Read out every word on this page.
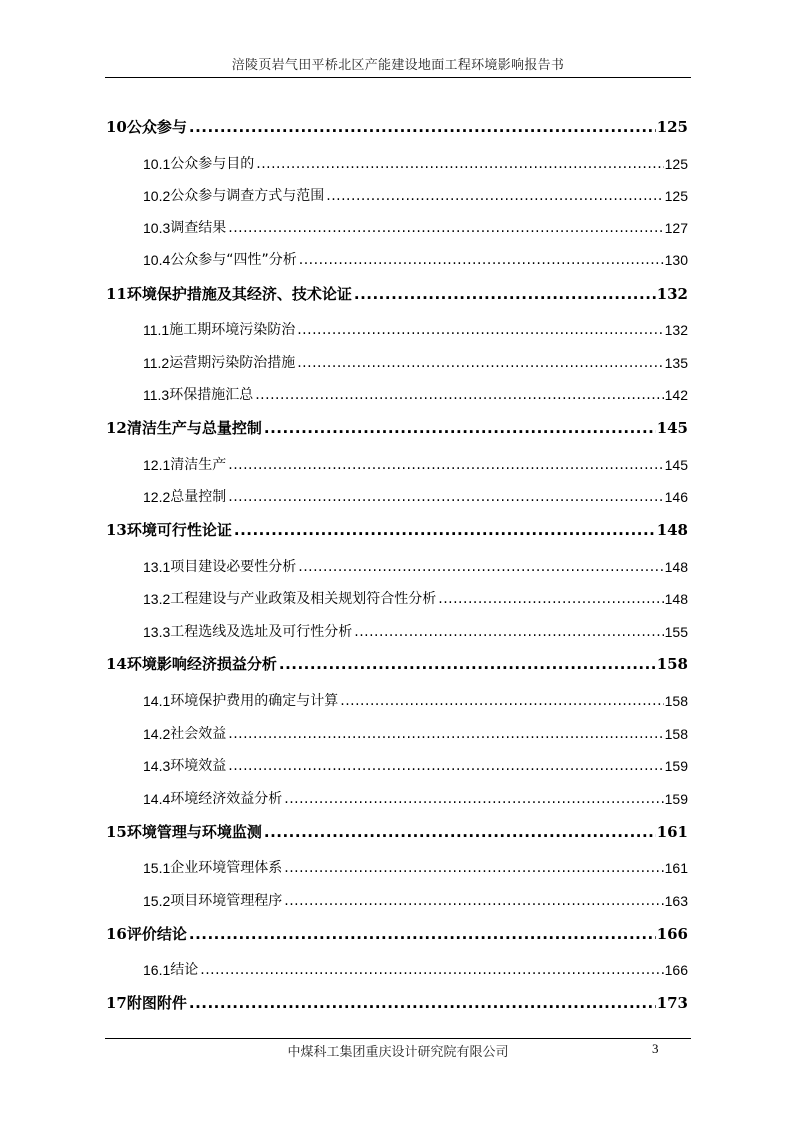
涪陵页岩气田平桥北区产能建设地面工程环境影响报告书
10 公众参与 .....	125
10.1 公众参与目的 .....	125
10.2 公众参与调查方式与范围 .....	125
10.3 调查结果 .....	127
10.4 公众参与“四性”分析 .....	130
11 环境保护措施及其经济、技术论证 .....	132
11.1 施工期环境污染防治 .....	132
11.2 运营期污染防治措施 .....	135
11.3 环保措施汇总 .....	142
12 清洁生产与总量控制 .....	145
12.1 清洁生产 .....	145
12.2 总量控制 .....	146
13 环境可行性论证 .....	148
13.1 项目建设必要性分析 .....	148
13.2 工程建设与产业政策及相关规划符合性分析 .....	148
13.3 工程选线及选址及可行性分析 .....	155
14 环境影响经济损益分析 .....	158
14.1 环境保护费用的确定与计算 .....	158
14.2 社会效益 .....	158
14.3 环境效益 .....	159
14.4 环境经济效益分析 .....	159
15 环境管理与环境监测 .....	161
15.1 企业环境管理体系 .....	161
15.2 项目环境管理程序 .....	163
16 评价结论 .....	166
16.1 结论 .....	166
17 附图附件 .....	173
中煤科工集团重庆设计研究院有限公司	3
